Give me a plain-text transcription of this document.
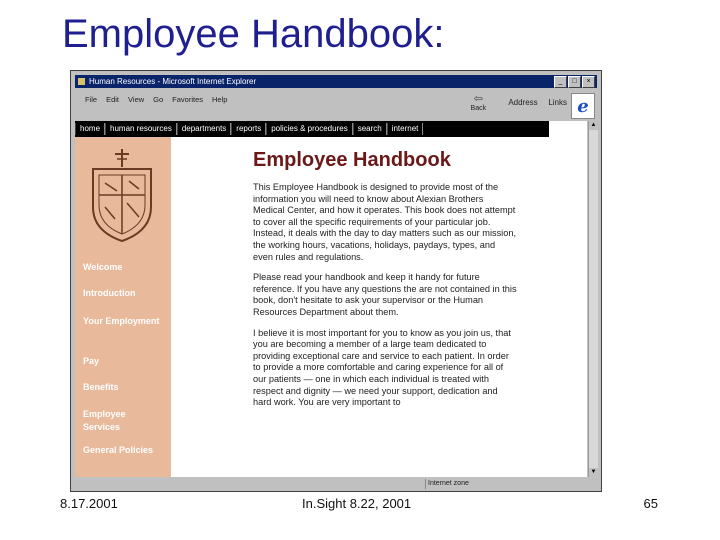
Employee Handbook:
Human Resources - Microsoft Internet Explorer	_	□	×
File Edit View Go Favorites Help	⇦
Back
Address	Links e
home	human resources	departments	reports	policies & procedures	search	internet
Welcome
Introduction
Your Employment
Pay
Benefits
Employee Services
General Policies
Employee Handbook

This Employee Handbook is designed to provide most of the information you will need to know about Alexian Brothers Medical Center, and how it operates. This book does not attempt to cover all the specific requirements of your particular job. Instead, it deals with the day to day matters such as our mission, the working hours, vacations, holidays, paydays, types, and even rules and regulations.

Please read your handbook and keep it handy for future reference. If you have any questions the are not contained in this book, don't hesitate to ask your supervisor or the Human Resources Department about them.

I believe it is most important for you to know as you join us, that you are becoming a member of a large team dedicated to providing exceptional care and service to each patient. In order to provide a more comfortable and caring experience for all of our patients — one in which each individual is treated with respect and dignity — we need your support, dedication and hard work. You are very important to

▲
▼
Internet zone
8.17.2001	In.Sight 8.22, 2001	65
